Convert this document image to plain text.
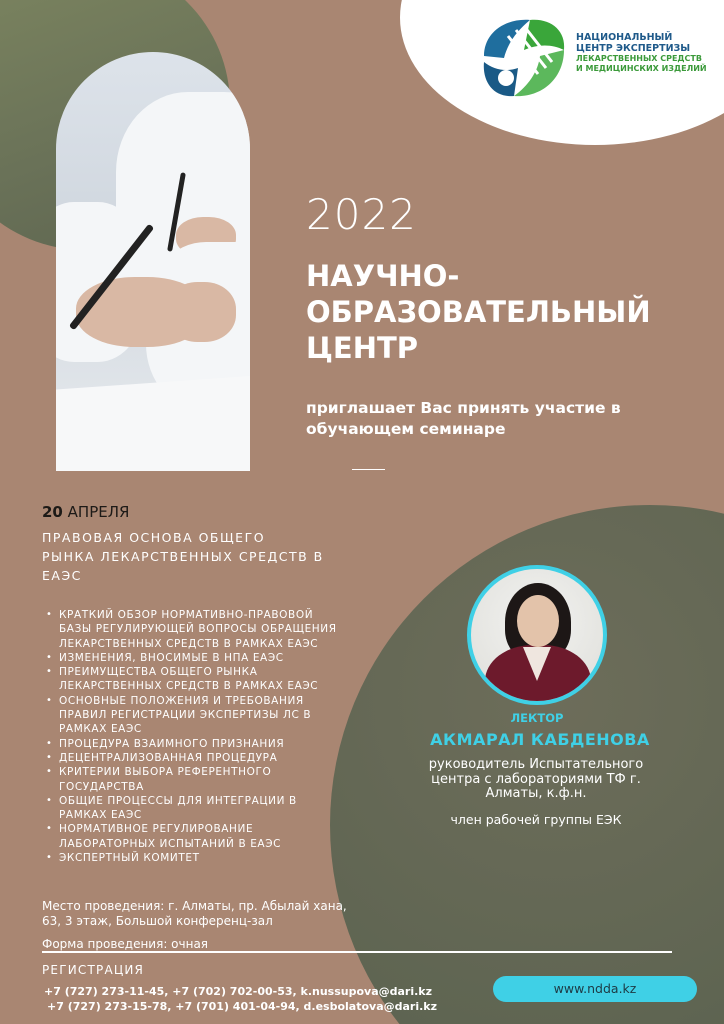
НАЦИОНАЛЬНЫЙ
ЦЕНТР ЭКСПЕРТИЗЫ
ЛЕКАРСТВЕННЫХ СРЕДСТВ
И МЕДИЦИНСКИХ ИЗДЕЛИЙ
2022
НАУЧНО-
ОБРАЗОВАТЕЛЬНЫЙ
ЦЕНТР
приглашает Вас принять участие в
обучающем семинаре
20 АПРЕЛЯ
ПРАВОВАЯ ОСНОВА ОБЩЕГО
РЫНКА ЛЕКАРСТВЕННЫХ СРЕДСТВ В
ЕАЭС
• КРАТКИЙ ОБЗОР НОРМАТИВНО-ПРАВОВОЙ
БАЗЫ РЕГУЛИРУЮЩЕЙ ВОПРОСЫ ОБРАЩЕНИЯ
ЛЕКАРСТВЕННЫХ СРЕДСТВ В РАМКАХ ЕАЭС
• ИЗМЕНЕНИЯ, ВНОСИМЫЕ В НПА ЕАЭС
• ПРЕИМУЩЕСТВА ОБЩЕГО РЫНКА
ЛЕКАРСТВЕННЫХ СРЕДСТВ В РАМКАХ ЕАЭС
• ОСНОВНЫЕ ПОЛОЖЕНИЯ И ТРЕБОВАНИЯ
ПРАВИЛ РЕГИСТРАЦИИ ЭКСПЕРТИЗЫ ЛС В
РАМКАХ ЕАЭС
• ПРОЦЕДУРА ВЗАИМНОГО ПРИЗНАНИЯ
• ДЕЦЕНТРАЛИЗОВАННАЯ ПРОЦЕДУРА
• КРИТЕРИИ ВЫБОРА РЕФЕРЕНТНОГО
ГОСУДАРСТВА
• ОБЩИЕ ПРОЦЕССЫ ДЛЯ ИНТЕГРАЦИИ В
РАМКАХ ЕАЭС
• НОРМАТИВНОЕ РЕГУЛИРОВАНИЕ
ЛАБОРАТОРНЫХ ИСПЫТАНИЙ В ЕАЭС
• ЭКСПЕРТНЫЙ КОМИТЕТ
ЛЕКТОР
АКМАРАЛ КАБДЕНОВА
руководитель Испытательного
центра с лабораториями ТФ г.
Алматы, к.ф.н.
член рабочей группы ЕЭК
Место проведения: г. Алматы, пр. Абылай хана,
63, 3 этаж, Большой конференц-зал
Форма проведения: очная
РЕГИСТРАЦИЯ
+7 (727) 273-11-45, +7 (702) 702-00-53, k.nussupova@dari.kz
+7 (727) 273-15-78, +7 (701) 401-04-94, d.esbolatova@dari.kz
www.ndda.kz
